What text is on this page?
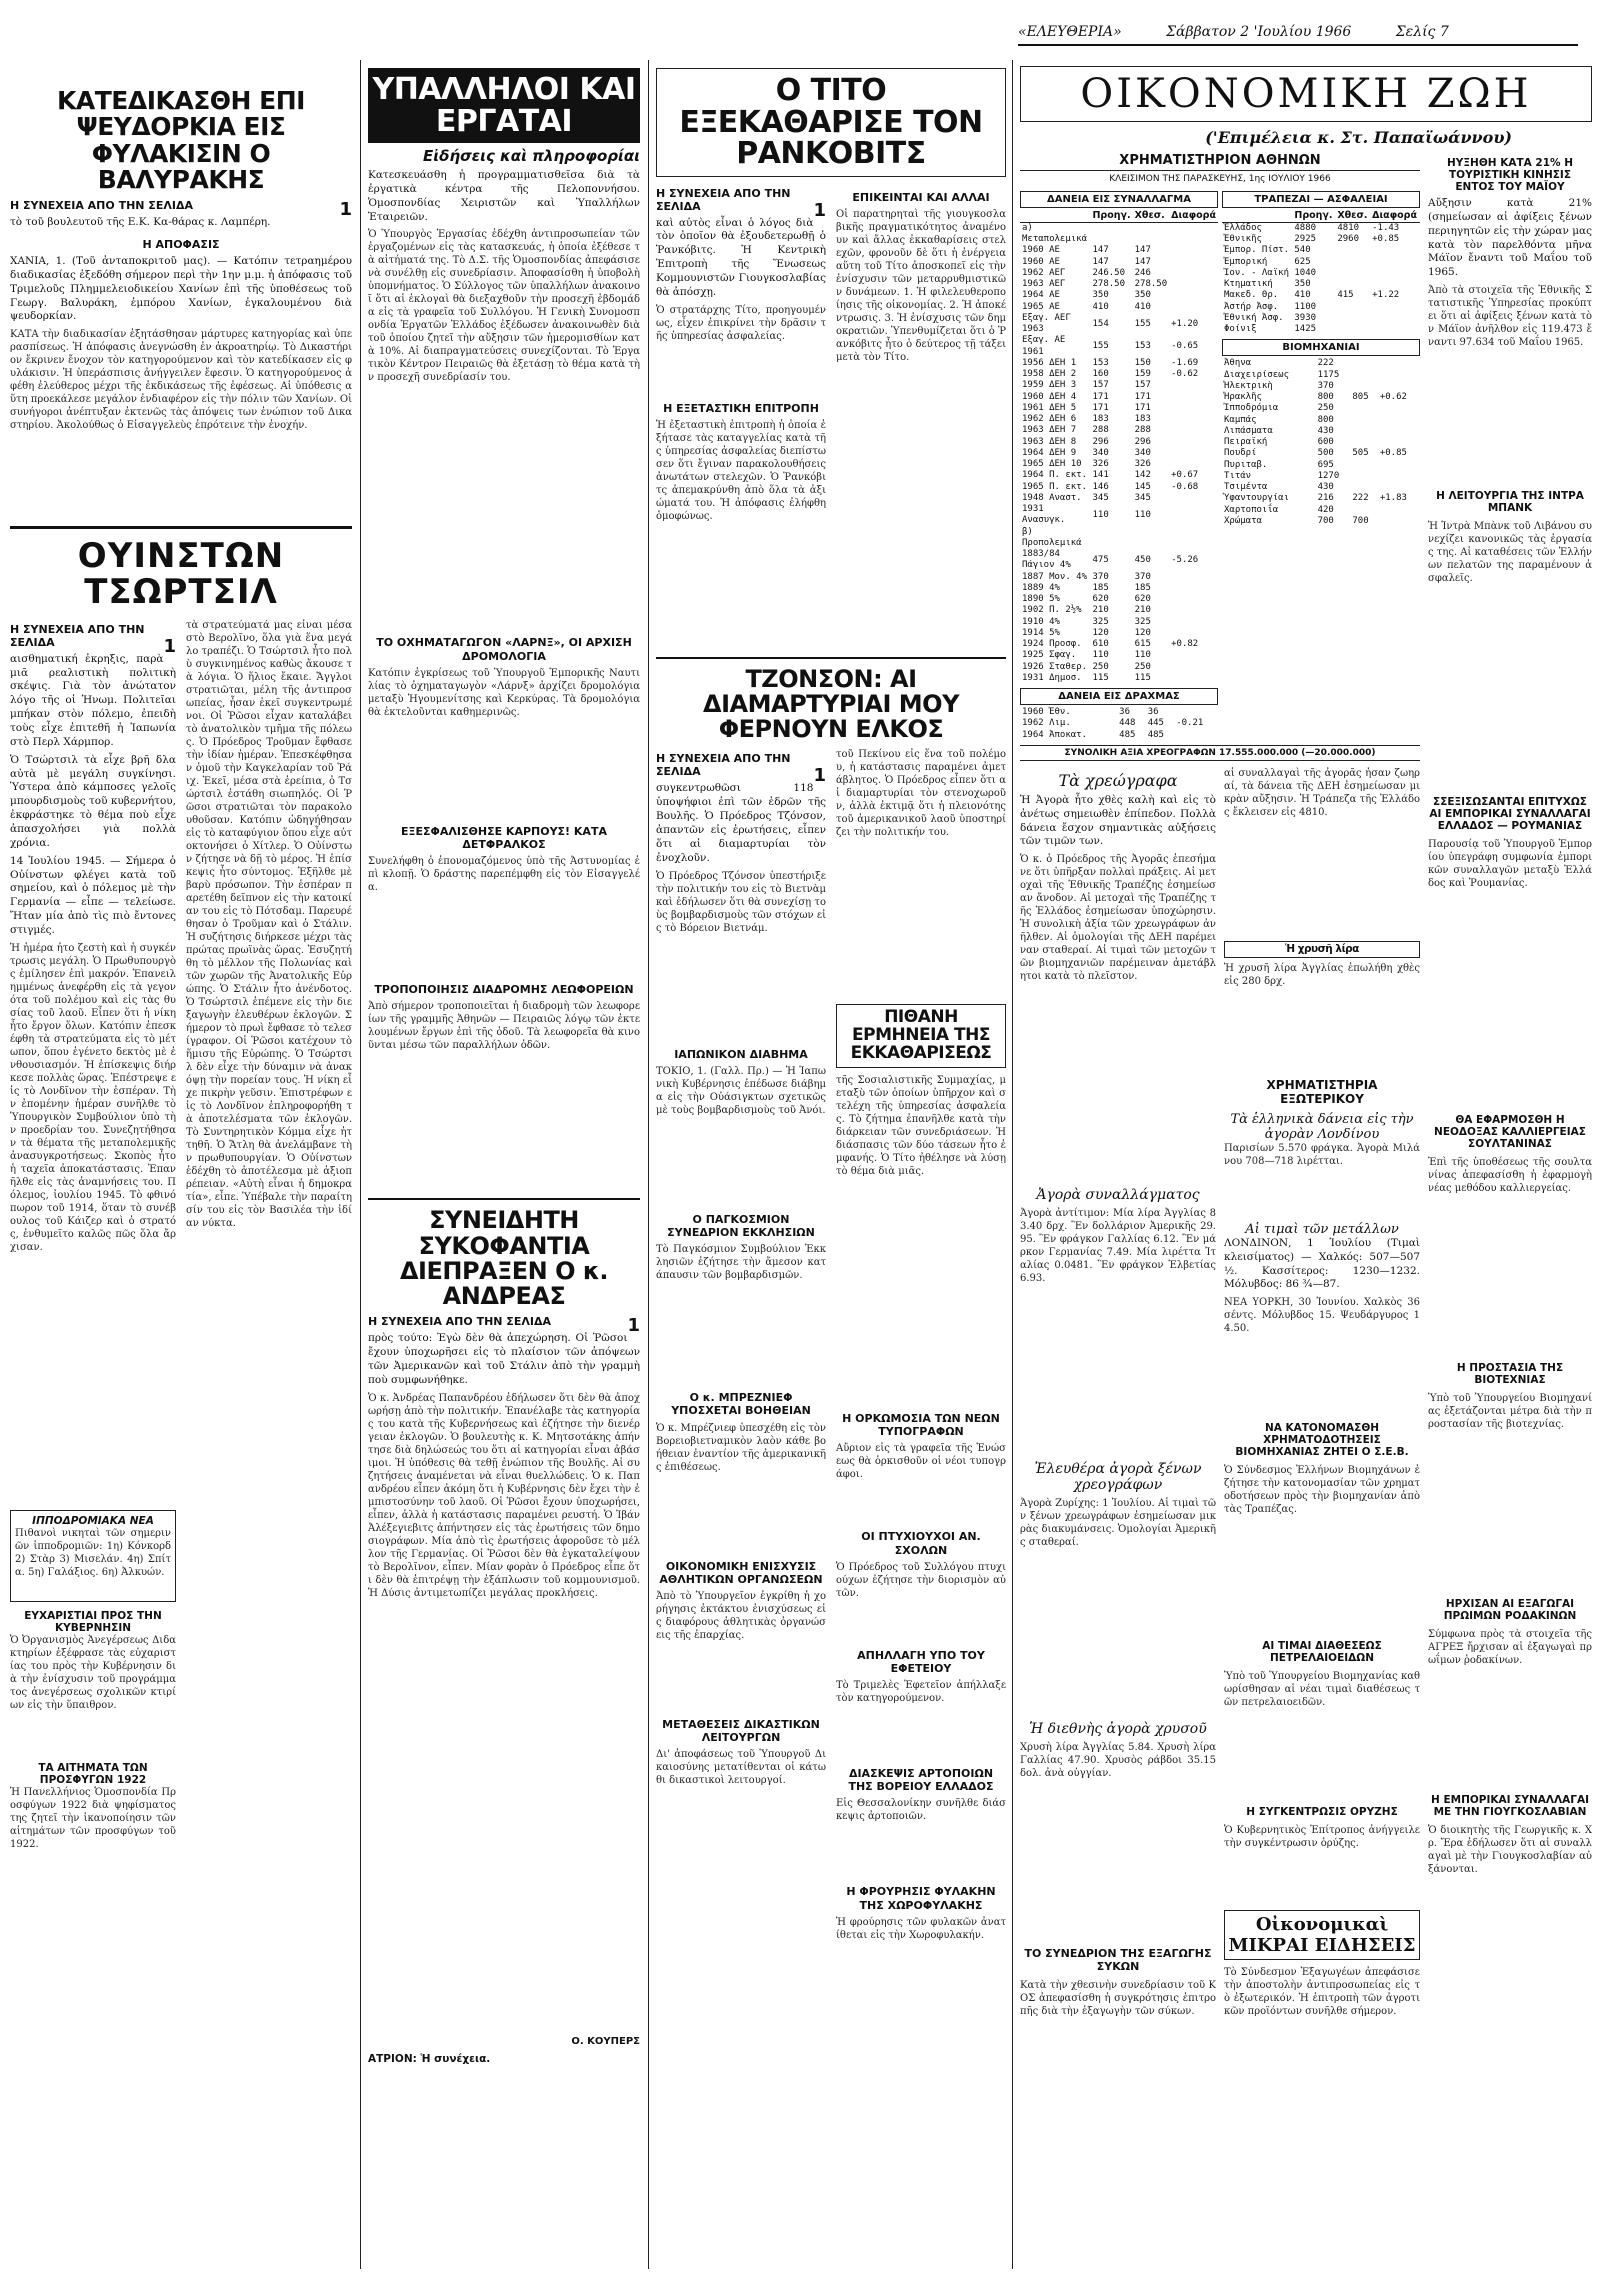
«ΕΛΕΥΘΕΡΙΑ»	Σάββατον 2 'Ιουλίου 1966	Σελίς 7
ΚΑΤΕΔΙΚΑΣΘΗ ΕΠΙ ΨΕΥΔΟΡΚΙΑ ΕΙΣ ΦΥΛΑΚΙΣΙΝ Ο ΒΑΛΥΡΑΚΗΣ
Η ΣΥΝΕΧΕΙΑ ΑΠΟ ΤΗΝ ΣΕΛΙΔΑ	1

τὸ τοῦ βουλευτοῦ τῆς Ε.Κ. Κα-θάρας κ. Λαμπέρη.

Η ΑΠΟΦΑΣΙΣ

ΧΑΝΙΑ, 1. (Τοῦ ἀνταποκριτοῦ μας). — Κατόπιν τετραημέρου διαδικασίας ἐξεδόθη σήμερον περὶ τὴν 1ην μ.μ. ἡ ἀπόφασις τοῦ Τριμελοῦς Πλημμελειοδικείου Χανίων ἐπὶ τῆς ὑποθέσεως τοῦ Γεωργ. Βαλυράκη, ἐμπόρου Χανίων, ἐγκαλουμένου διὰ ψευδορκίαν.

ΚΑΤΑ τὴν διαδικασίαν ἐξητάσθησαν μάρτυρες κατηγορίας καὶ ὑπερασπίσεως. Ἡ ἀπόφασις ἀνεγνώσθη ἐν ἀκροατηρίῳ. Τὸ Δικαστήριον ἔκρινεν ἔνοχον τὸν κατηγορούμενον καὶ τὸν κατεδίκασεν εἰς φυλάκισιν. Ἡ ὑπεράσπισις ἀνήγγειλεν ἔφεσιν. Ὁ κατηγορούμενος ἀφέθη ἐλεύθερος μέχρι τῆς ἐκδικάσεως τῆς ἐφέσεως. Αἱ ὑπόθεσις αὕτη προεκάλεσε μεγάλον ἐνδιαφέρον εἰς τὴν πόλιν τῶν Χανίων. Οἱ συνήγοροι ἀνέπτυξαν ἐκτενῶς τὰς ἀπόψεις των ἐνώπιον τοῦ Δικαστηρίου. Ἀκολούθως ὁ Εἰσαγγελεὺς ἐπρότεινε τὴν ἐνοχήν.
ΟΥΙΝΣΤΩΝ ΤΣΩΡΤΣΙΛ
Η ΣΥΝΕΧΕΙΑ ΑΠΟ ΤΗΝ ΣΕΛΙΔΑ	1

αισθηματική ἐκρηξις, παρὰ μιᾶ ρεαλιστικὴ πολιτικὴ σκέψις. Γιὰ τὸν ἀνώτατον λόγο τῆς οἱ Ἡνωμ. Πολιτεῖαι μπήκαν στὸν πόλεμο, ἐπειδὴ τοὺς εἶχε ἐπιτεθῆ ἡ Ἰαπωνία στὸ Περλ Χάρμπορ.

Ὁ Τσώρτσιλ τὰ εἶχε βρῆ δλα αὐτὰ μὲ μεγάλη συγκίνησι. Ὑστερα ἀπὸ κάμποσες γελοῖς μπουρδισμοὺς τοῦ κυβερνήτου, ἐκφράστηκε τὸ θέμα ποὺ εἶχε ἀπασχολήσει γιὰ πολλὰ χρόνια.

14 Ἰουλίου 1945. — Σήμερα ὁ Οὐίνστων φλέγει κατὰ τοῦ σημείου, καὶ ὁ πόλεμος μὲ τὴν Γερμανία — εἶπε — τελείωσε. Ἤταν μία ἀπὸ τὶς πιὸ ἔντονες στιγμές.

Ἡ ἡμέρα ἦτο ζεστὴ καὶ ἡ συγκέντρωσις μεγάλη. Ὁ Πρωθυπουργὸς ἐμίλησεν ἐπὶ μακρόν. Ἐπανειλημμένως ἀνεφέρθη εἰς τὰ γεγονότα τοῦ πολέμου καὶ εἰς τὰς θυσίας τοῦ λαοῦ. Εἶπεν ὅτι ἡ νίκη ἦτο ἔργον ὅλων. Κατόπιν ἐπεσκέφθη τὰ στρατεύματα εἰς τὸ μέτωπον, ὅπου ἐγένετο δεκτὸς μὲ ἐνθουσιασμόν. Ἡ ἐπίσκεψις διήρκεσε πολλὰς ὥρας. Ἐπέστρεψε εἰς τὸ Λονδῖνον τὴν ἑσπέραν. Τὴν ἑπομένην ἡμέραν συνῆλθε τὸ Ὑπουργικὸν Συμβούλιον ὑπὸ τὴν προεδρίαν του. Συνεζητήθησαν τὰ θέματα τῆς μεταπολεμικῆς ἀνασυγκροτήσεως. Σκοπὸς ἦτο ἡ ταχεῖα ἀποκατάστασις. Ἐπανῆλθε εἰς τὰς ἀναμνήσεις του. Πόλεμος, ἰουλίου 1945. Τὸ φθινόπωρον τοῦ 1914, ὅταν τὸ συνέβουλος τοῦ Κάιζερ καὶ ὁ στρατός, ἐνθυμεῖτο καλῶς πῶς ὅλα ἄρχισαν.
ΙΠΠΟΔΡΟΜΙΑΚΑ ΝΕΑ
Πιθανοὶ νικηταὶ τῶν σημερινῶν ἱπποδρομιῶν: 1η) Κόνκορδ 2) Στὰρ 3) Μισελάν. 4η) Σπίτα. 5η) Γαλάξιος. 6η) Ἀλκυών.
ΕΥΧΑΡΙΣΤΙΑΙ ΠΡΟΣ ΤΗΝ ΚΥΒΕΡΝΗΣΙΝ
Ὁ Ὀργανισμὸς Ἀνεγέρσεως Διδακτηρίων ἐξέφρασε τὰς εὐχαριστίας του πρὸς τὴν Κυβέρνησιν διὰ τὴν ἐνίσχυσιν τοῦ προγράμματος ἀνεγέρσεως σχολικῶν κτιρίων εἰς τὴν ὕπαιθρον.
ΤΑ ΑΙΤΗΜΑΤΑ ΤΩΝ ΠΡΟΣΦΥΓΩΝ 1922
Ἡ Πανελλήνιος Ὁμοσπονδία Προσφύγων 1922 διὰ ψηφίσματος της ζητεῖ τὴν ἱκανοποίησιν τῶν αἰτημάτων τῶν προσφύγων τοῦ 1922.
τὰ στρατεύματά μας εἶναι μέσα στὸ Βερολῖνο, ὅλα γιὰ ἕνα μεγάλο τραπέζι. Ὁ Τσώρτσιλ ἦτο πολὺ συγκινημένος καθὼς ἄκουσε τὰ λόγια. Ὁ ἥλιος ἔκαιε. Ἄγγλοι στρατιῶται, μέλη τῆς ἀντιπροσωπείας, ἦσαν ἐκεῖ συγκεντρωμένοι. Οἱ Ῥῶσοι εἶχαν καταλάβει τὸ ἀνατολικὸν τμῆμα τῆς πόλεως. Ὁ Πρόεδρος Τροῦμαν ἔφθασε τὴν ἰδίαν ἡμέραν. Ἐπεσκέφθησαν ὁμοῦ τὴν Καγκελαρίαν τοῦ Ῥάιχ. Ἐκεῖ, μέσα στὰ ἐρείπια, ὁ Τσώρτσιλ ἐστάθη σιωπηλός. Οἱ Ῥῶσοι στρατιῶται τὸν παρακολουθοῦσαν. Κατόπιν ὠδηγήθησαν εἰς τὸ καταφύγιον ὅπου εἶχε αὐτοκτονήσει ὁ Χίτλερ. Ὁ Οὐίνστων ζήτησε νὰ δῇ τὸ μέρος. Ἡ ἐπίσκεψις ἦτο σύντομος. Ἐξῆλθε μὲ βαρὺ πρόσωπον. Τὴν ἑσπέραν παρετέθη δεῖπνον εἰς τὴν κατοικίαν του εἰς τὸ Πότσδαμ. Παρευρέθησαν ὁ Τροῦμαν καὶ ὁ Στάλιν. Ἡ συζήτησις διήρκεσε μέχρι τὰς πρώτας πρωϊνὰς ὥρας. Ἐσυζητήθη τὸ μέλλον τῆς Πολωνίας καὶ τῶν χωρῶν τῆς Ἀνατολικῆς Εὐρώπης. Ὁ Στάλιν ἦτο ἀνένδοτος. Ὁ Τσώρτσιλ ἐπέμενε εἰς τὴν διεξαγωγὴν ἐλευθέρων ἐκλογῶν. Σήμερον τὸ πρωὶ ἔφθασε τὸ τελεσίγραφον. Οἱ Ῥῶσοι κατέχουν τὸ ἥμισυ τῆς Εὐρώπης. Ὁ Τσώρτσιλ δὲν εἶχε τὴν δύναμιν νὰ ἀνακόψῃ τὴν πορείαν τους. Ἡ νίκη εἶχε πικρὴν γεῦσιν. Ἐπιστρέφων εἰς τὸ Λονδῖνον ἐπληροφορήθη τὰ ἀποτελέσματα τῶν ἐκλογῶν. Τὸ Συντηρητικὸν Κόμμα εἶχε ἡττηθῆ. Ὁ Ἄτλη θὰ ἀνελάμβανε τὴν πρωθυπουργίαν. Ὁ Οὐίνστων ἐδέχθη τὸ ἀποτέλεσμα μὲ ἀξιοπρέπειαν. «Αὐτὴ εἶναι ἡ δημοκρατία», εἶπε. Ὑπέβαλε τὴν παραίτησίν του εἰς τὸν Βασιλέα τὴν ἰδίαν νύκτα.
ΥΠΑΛΛΗΛΟΙ ΚΑΙ ΕΡΓΑΤΑΙ
Εἰδήσεις καὶ πληροφορίαι

Κατεσκευάσθη ἡ προγραμματισθεῖσα διὰ τὰ ἐργατικὰ κέντρα τῆς Πελοποννήσου. Ὁμοσπονδίας Χειριστῶν καὶ Ὑπαλλήλων Ἑταιρειῶν.

Ὁ Ὑπουργὸς Ἐργασίας ἐδέχθη ἀντιπροσωπείαν τῶν ἐργαζομένων εἰς τὰς κατασκευάς, ἡ ὁποία ἐξέθεσε τὰ αἰτήματά της. Τὸ Δ.Σ. τῆς Ὁμοσπονδίας ἀπεφάσισε νὰ συνέλθῃ εἰς συνεδρίασιν. Ἀποφασίσθη ἡ ὑποβολὴ ὑπομνήματος. Ὁ Σύλλογος τῶν ὑπαλλήλων ἀνακοινοῖ ὅτι αἱ ἐκλογαὶ θὰ διεξαχθοῦν τὴν προσεχῆ ἑβδομάδα εἰς τὰ γραφεῖα τοῦ Συλλόγου. Ἡ Γενικὴ Συνομοσπονδία Ἐργατῶν Ἑλλάδος ἐξέδωσεν ἀνακοινωθὲν διὰ τοῦ ὁποίου ζητεῖ τὴν αὔξησιν τῶν ἡμερομισθίων κατὰ 10%. Αἱ διαπραγματεύσεις συνεχίζονται. Τὸ Ἐργατικὸν Κέντρον Πειραιῶς θὰ ἐξετάσῃ τὸ θέμα κατὰ τὴν προσεχῆ συνεδρίασίν του.
ΤΟ ΟΧΗΜΑΤΑΓΩΓΟΝ «ΛΑΡΝΞ», ΟΙ ΑΡΧΙΣΗ ΔΡΟΜΟΛΟΓΙΑ
Κατόπιν ἐγκρίσεως τοῦ Ὑπουργοῦ Ἐμπορικῆς Ναυτιλίας τὸ ὀχηματαγωγὸν «Λάρνξ» ἀρχίζει δρομολόγια μεταξὺ Ἠγουμενίτσης καὶ Κερκύρας. Τὰ δρομολόγια θὰ ἐκτελοῦνται καθημερινῶς.
ΕΞΕΣΦΑΛΙΣΘΗΣΕ ΚΑΡΠΟΥΣ! ΚΑΤΑ ΔΕΤΦΡΑΛΚΟΣ
Συνελήφθη ὁ ἐπονομαζόμενος ὑπὸ τῆς Ἀστυνομίας ἐπὶ κλοπῇ. Ὁ δράστης παρεπέμφθη εἰς τὸν Εἰσαγγελέα.
ΤΡΟΠΟΠΟΙΗΣΙΣ ΔΙΑΔΡΟΜΗΣ ΛΕΩΦΟΡΕΙΩΝ
Ἀπὸ σήμερον τροποποιεῖται ἡ διαδρομὴ τῶν λεωφορείων τῆς γραμμῆς Ἀθηνῶν — Πειραιῶς λόγῳ τῶν ἐκτελουμένων ἔργων ἐπὶ τῆς ὁδοῦ. Τὰ λεωφορεῖα θὰ κινοῦνται μέσω τῶν παραλλήλων ὁδῶν.
ΣΥΝΕΙΔΗΤΗ ΣΥΚΟΦΑΝΤΙΑ ΔΙΕΠΡΑΞΕΝ Ο κ. ΑΝΔΡΕΑΣ
Η ΣΥΝΕΧΕΙΑ ΑΠΟ ΤΗΝ ΣΕΛΙΔΑ	1

πρὸς τούτο: Ἐγὼ δὲν θὰ ἀπεχώρηση. Οἱ Ῥῶσοι ἔχουν ὑποχωρῆσει εἰς τὸ πλαίσιον τῶν ἀπόψεων τῶν Ἀμερικανῶν καὶ τοῦ Στάλιν ἀπὸ τὴν γραμμὴ ποὺ συμφωνήθηκε.

Ὁ κ. Ἀνδρέας Παπανδρέου ἐδήλωσεν ὅτι δὲν θὰ ἀποχωρήσῃ ἀπὸ τὴν πολιτικήν. Ἐπανέλαβε τὰς κατηγορίας του κατὰ τῆς Κυβερνήσεως καὶ ἐζήτησε τὴν διενέργειαν ἐκλογῶν. Ὁ βουλευτὴς κ. Κ. Μητσοτάκης ἀπήντησε διὰ δηλώσεώς του ὅτι αἱ κατηγορίαι εἶναι ἀβάσιμοι. Ἡ ὑπόθεσις θὰ τεθῇ ἐνώπιον τῆς Βουλῆς. Αἱ συζητήσεις ἀναμένεται νὰ εἶναι θυελλώδεις. Ὁ κ. Παπανδρέου εἶπεν ἀκόμη ὅτι ἡ Κυβέρνησις δὲν ἔχει τὴν ἐμπιστοσύνην τοῦ λαοῦ. Οἱ Ῥῶσοι ἔχουν ὑποχωρήσει, εἶπεν, ἀλλὰ ἡ κατάστασις παραμένει ρευστή. Ὁ Ἰβάν Ἀλέξεγιεβιτς ἀπήντησεν εἰς τὰς ἐρωτήσεις τῶν δημοσιογράφων. Μία ἀπὸ τὶς ἐρωτήσεις ἀφοροῦσε τὸ μέλλον τῆς Γερμανίας. Οἱ Ῥῶσοι δὲν θὰ ἐγκαταλείψουν τὸ Βερολῖνον, εἶπεν. Μίαν φορὰν ὁ Πρόεδρος εἶπε ὅτι δὲν θὰ ἐπιτρέψῃ τὴν ἐξάπλωσιν τοῦ κομμουνισμοῦ. Ἡ Δύσις ἀντιμετωπίζει μεγάλας προκλήσεις.
Ο. ΚΟΥΠΕΡΣ
ΑΤΡΙΟΝ: Ἡ συνέχεια.
Ο ΤΙΤΟ ΕΞΕΚΑΘΑΡΙΣΕ ΤΟΝ ΡΑΝΚΟΒΙΤΣ
Η ΣΥΝΕΧΕΙΑ ΑΠΟ ΤΗΝ ΣΕΛΙΔΑ	1

καὶ αὐτὸς εἶναι ὁ λόγος διὰ τὸν ὁποῖον θὰ ἐξουδετερωθῇ ὁ Ῥανκόβιτς. Ἡ Κεντρικὴ Ἐπιτροπὴ τῆς Ἕνωσεως Κομμουνιστῶν Γιουγκοσλαβίας θὰ ἀπόσχῃ.

Ὁ στρατάρχης Τίτο, προηγουμένως, εἶχεν ἐπικρίνει τὴν δρᾶσιν τῆς ὑπηρεσίας ἀσφαλείας.
Η ΕΞΕΤΑΣΤΙΚΗ ΕΠΙΤΡΟΠΗ
Ἡ ἐξεταστικὴ ἐπιτροπὴ ἡ ὁποία ἐξήτασε τὰς καταγγελίας κατὰ τῆς ὑπηρεσίας ἀσφαλείας διεπίστωσεν ὅτι ἔγιναν παρακολουθήσεις ἀνωτάτων στελεχῶν. Ὁ Ῥανκόβιτς ἀπεμακρύνθη ἀπὸ ὅλα τὰ ἀξιώματά του. Ἡ ἀπόφασις ἐλήφθη ὁμοφώνως.
ΕΠΙΚΕΙΝΤΑΙ ΚΑΙ ΑΛΛΑΙ
Οἱ παρατηρηταὶ τῆς γιουγκοσλαβικῆς πραγματικότητος ἀναμένουν καὶ ἄλλας ἐκκαθαρίσεις στελεχῶν, φρονοῦν δὲ ὅτι ἡ ἐνέργεια αὕτη τοῦ Τίτο ἀποσκοπεῖ εἰς τὴν ἐνίσχυσιν τῶν μεταρρυθμιστικῶν δυνάμεων. 1. Ἡ φιλελευθεροποίησις τῆς οἰκονομίας. 2. Ἡ ἀποκέντρωσις. 3. Ἡ ἐνίσχυσις τῶν δημοκρατιῶν. Ὑπενθυμίζεται ὅτι ὁ Ῥανκόβιτς ἦτο ὁ δεύτερος τῇ τάξει μετὰ τὸν Τίτο.
ΤΖΟΝΣΟΝ: ΑΙ ΔΙΑΜΑΡΤΥΡΙΑΙ ΜΟΥ ΦΕΡΝΟΥΝ ΕΛΚΟΣ
Η ΣΥΝΕΧΕΙΑ ΑΠΟ ΤΗΝ ΣΕΛΙΔΑ	1

συγκεντρωθῶσι 118 ὑποψήφιοι ἐπὶ τῶν ἑδρῶν τῆς Βουλῆς. Ὁ Πρόεδρος Τζόνσον, ἀπαντῶν εἰς ἐρωτήσεις, εἶπεν ὅτι αἱ διαμαρτυρίαι τὸν ἐνοχλοῦν.

Ὁ Πρόεδρος Τζόνσον ὑπεστήριξε τὴν πολιτικήν του εἰς τὸ Βιετνὰμ καὶ ἐδήλωσεν ὅτι θὰ συνεχίσῃ τοὺς βομβαρδισμοὺς τῶν στόχων εἰς τὸ Βόρειον Βιετνάμ.
ΙΑΠΩΝΙΚΟΝ ΔΙΑΒΗΜΑ
ΤΟΚΙΟ, 1. (Γαλλ. Πρ.) — Ἡ Ἰαπωνικὴ Κυβέρνησις ἐπέδωσε διάβημα εἰς τὴν Οὐάσιγκτων σχετικῶς μὲ τοὺς βομβαρδισμοὺς τοῦ Ἀνόι.
Ο ΠΑΓΚΟΣΜΙΟΝ ΣΥΝΕΔΡΙΟΝ ΕΚΚΛΗΣΙΩΝ
Τὸ Παγκόσμιον Συμβούλιον Ἐκκλησιῶν ἐζήτησε τὴν ἄμεσον κατάπαυσιν τῶν βομβαρδισμῶν.
Ο κ. ΜΠΡΕΖΝΙΕΦ ΥΠΟΣΧΕΤΑΙ ΒΟΗΘΕΙΑΝ
Ὁ κ. Μπρέζνιεφ ὑπεσχέθη εἰς τὸν Βορειοβιετναμικὸν λαὸν κάθε βοήθειαν ἐναντίον τῆς ἀμερικανικῆς ἐπιθέσεως.
ΟΙΚΟΝΟΜΙΚΗ ΕΝΙΣΧΥΣΙΣ ΑΘΛΗΤΙΚΩΝ ΟΡΓΑΝΩΣΕΩΝ
Ἀπὸ τὸ Ὑπουργεῖον ἐγκρίθη ἡ χορήγησις ἐκτάκτου ἐνισχύσεως εἰς διαφόρους ἀθλητικὰς ὀργανώσεις τῆς ἐπαρχίας.
ΜΕΤΑΘΕΣΕΙΣ ΔΙΚΑΣΤΙΚΩΝ ΛΕΙΤΟΥΡΓΩΝ
Δι' ἀποφάσεως τοῦ Ὑπουργοῦ Δικαιοσύνης μετατίθενται οἱ κάτωθι δικαστικοὶ λειτουργοί.
τοῦ Πεκίνου εἰς ἕνα τοῦ πολέμου, ἡ κατάστασις παραμένει ἀμετάβλητος. Ὁ Πρόεδρος εἶπεν ὅτι αἱ διαμαρτυρίαι τὸν στενοχωροῦν, ἀλλὰ ἐκτιμᾷ ὅτι ἡ πλειονότης τοῦ ἀμερικανικοῦ λαοῦ ὑποστηρίζει τὴν πολιτικήν του.
ΠΙΘΑΝΗ ΕΡΜΗΝΕΙΑ ΤΗΣ ΕΚΚΑΘΑΡΙΣΕΩΣ
τῆς Σοσιαλιστικῆς Συμμαχίας, μεταξὺ τῶν ὁποίων ὑπῆρχον καὶ στελέχη τῆς ὑπηρεσίας ἀσφαλείας. Τὸ ζήτημα ἐπανῆλθε κατὰ τὴν διάρκειαν τῶν συνεδριάσεων. Ἡ διάσπασις τῶν δύο τάσεων ἦτο ἐμφανής. Ὁ Τίτο ἠθέλησε νὰ λύσῃ τὸ θέμα διὰ μιᾶς.
Η ΟΡΚΩΜΟΣΙΑ ΤΩΝ ΝΕΩΝ ΤΥΠΟΓΡΑΦΩΝ
Αὔριον εἰς τὰ γραφεῖα τῆς Ἑνώσεως θὰ ὁρκισθοῦν οἱ νέοι τυπογράφοι.
ΟΙ ΠΤΥΧΙΟΥΧΟΙ ΑΝ. ΣΧΟΛΩΝ
Ὁ Πρόεδρος τοῦ Συλλόγου πτυχιούχων ἐζήτησε τὴν διορισμὸν αὐτῶν.
ΑΠΗΛΛΑΓΗ ΥΠΟ ΤΟΥ ΕΦΕΤΕΙΟΥ
Τὸ Τριμελὲς Ἐφετεῖον ἀπήλλαξε τὸν κατηγορούμενον.
ΔΙΑΣΚΕΨΙΣ ΑΡΤΟΠΟΙΩΝ ΤΗΣ ΒΟΡΕΙΟΥ ΕΛΛΑΔΟΣ
Εἰς Θεσσαλονίκην συνῆλθε διάσκεψις ἀρτοποιῶν.
Η ΦΡΟΥΡΗΣΙΣ ΦΥΛΑΚΗΝ ΤΗΣ ΧΩΡΟΦΥΛΑΚΗΣ
Ἡ φρούρησις τῶν φυλακῶν ἀνατίθεται εἰς τὴν Χωροφυλακήν.
ΟΙΚΟΝΟΜΙΚΗ ΖΩΗ
('Επιμέλεια κ. Στ. Παπαϊωάννου)
ΧΡΗΜΑΤΙΣΤΗΡΙΟΝ ΑΘΗΝΩΝ
ΚΛΕΙΣΙΜΟΝ ΤΗΣ ΠΑΡΑΣΚΕΥΗΣ, 1ης ΙΟΥΛΙΟΥ 1966
ΔΑΝΕΙΑ ΕΙΣ ΣΥΝΑΛΛΑΓΜΑ
	Προηγ.	Χθεσ.	Διαφορά
a) Μεταπολεμικά			
1960 ΑΕ	147	147	
1960 ΑΕ	147	147	
1962 ΑΕΓ	246.50	246	
1963 ΑΕΓ	278.50	278.50	
1964 ΑΕ	350	350	
1965 ΑΕ	410	410	
Εξαγ. ΑΕΓ 1963	154	155	+1.20
Εξαγ. ΑΕ 1961	155	153	-0.65
1956 ΔΕΗ 1	153	150	-1.69
1958 ΔΕΗ 2	160	159	-0.62
1959 ΔΕΗ 3	157	157	
1960 ΔΕΗ 4	171	171	
1961 ΔΕΗ 5	171	171	
1962 ΔΕΗ 6	183	183	
1963 ΔΕΗ 7	288	288	
1963 ΔΕΗ 8	296	296	
1964 ΔΕΗ 9	340	340	
1965 ΔΕΗ 10	326	326	
1964 Π. εκτ.	141	142	+0.67
1965 Π. εκτ.	146	145	-0.68
1948 Αναστ.	345	345	
1931 Ανασυγκ.	110	110	
β) Προπολεμικά			
1883/84 Πάγιον 4%	475	450	-5.26
1887 Μον. 4%	370	370	
1889 4%	185	185	
1890 5%	620	620	
1902 Π. 2½%	210	210	
1910 4%	325	325	
1914 5%	120	120	
1924 Προσφ.	610	615	+0.82
1925 Σφαγ.	110	110	
1926 Σταθερ.	250	250	
1931 Δημοσ.	115	115	
ΔΑΝΕΙΑ ΕΙΣ ΔΡΑΧΜΑΣ
1960 Ἐθν.	36	36	
1962 Λιμ.	448	445	-0.21
1964 Ἀποκατ.	485	485	
ΤΡΑΠΕΖΑΙ — ΑΣΦΑΛΕΙΑΙ
	Προηγ.	Χθεσ.	Διαφορά
Ἑλλάδος	4880	4810	-1.43
Ἐθνικῆς	2925	2960	+0.85
Ἐμπορ. Πίστ.	540		
Ἐμπορική	625		
Ἰον. - Λαϊκή	1040		
Κτηματική	350		
Μακεδ. Θρ.	410	415	+1.22
Ἀστήρ Ἀσφ.	1100		
Ἐθνική Ἀσφ.	3930		
Φοίνιξ	1425		
ΒΙΟΜΗΧΑΝΙΑΙ
Ἀθηνα	222		
Διαχειρίσεως	1175		
Ἠλεκτρικὴ	370		
Ἠρακλῆς	800	805	+0.62
Ἰπποδρόμια	250		
Καμπάς	800		
Λιπάσματα	430		
Πειραϊκή	600		
Πουδρί	500	505	+0.85
Πυριταβ.	695		
Τιτάν	1270		
Τσιμέντα	430		
Ὑφαντουργίαι	216	222	+1.83
Χαρτοποιΐα	420		
Χρώματα	700	700	
ΣΥΝΟΛΙΚΗ ΑΞΙΑ ΧΡΕΟΓΡΑΦΩΝ 17.555.000.000 (—20.000.000)
Τὰ χρεώγραφα

Ἡ Ἀγορὰ ἦτο χθὲς καλὴ καὶ εἰς τὸ ἀνέτως σημειωθὲν ἐπίπεδον. Πολλὰ δάνεια ἔσχον σημαντικὰς αὐξήσεις τῶν τιμῶν των.

Ὁ κ. ὁ Πρόεδρος τῆς Ἀγορᾶς ἐπεσήμανε ὅτι ὑπῆρξαν πολλαὶ πράξεις. Αἱ μετοχαὶ τῆς Ἐθνικῆς Τραπέζης ἐσημείωσαν ἄνοδον. Αἱ μετοχαὶ τῆς Τραπέζης τῆς Ἑλλάδος ἐσημείωσαν ὑποχώρησιν. Ἡ συνολικὴ ἀξία τῶν χρεωγράφων ἀνῆλθεν. Αἱ ὁμολογίαι τῆς ΔΕΗ παρέμειναν σταθεραί. Αἱ τιμαὶ τῶν μετοχῶν τῶν βιομηχανιῶν παρέμειναν ἀμετάβλητοι κατὰ τὸ πλεῖστον.
Ἀγορὰ συναλλάγματος
Ἀγορὰ ἀντίτιμον: Μία λίρα Ἀγγλίας 83.40 δρχ. Ἓν δολλάριον Ἀμερικῆς 29.95. Ἓν φράγκον Γαλλίας 6.12. Ἓν μάρκον Γερμανίας 7.49. Μία λιρέττα Ἰταλίας 0.0481. Ἓν φράγκον Ἑλβετίας 6.93.
Ἐλευθέρα ἀγορὰ ξένων χρεογράφων
Ἀγορὰ Ζυρίχης: 1 Ἰουλίου. Αἱ τιμαὶ τῶν ξένων χρεωγράφων ἐσημείωσαν μικρὰς διακυμάνσεις. Ὁμολογίαι Ἀμερικῆς σταθεραί.
Ἡ διεθνὴς ἀγορὰ χρυσοῦ
Χρυσὴ λίρα Ἀγγλίας 5.84. Χρυσὴ λίρα Γαλλίας 47.90. Χρυσὸς ράβδοι 35.15 δολ. ἀνὰ οὐγγίαν.
ΤΟ ΣΥΝΕΔΡΙΟΝ ΤΗΣ ΕΞΑΓΩΓΗΣ ΣΥΚΩΝ
Κατὰ τὴν χθεσινὴν συνεδρίασιν τοῦ ΚΟΣ ἀπεφασίσθη ἡ συγκρότησις ἐπιτροπῆς διὰ τὴν ἐξαγωγὴν τῶν σύκων.
αἱ συναλλαγαὶ τῆς ἀγορᾶς ἦσαν ζωηραί, τὰ δάνεια τῆς ΔΕΗ ἐσημείωσαν μικρὰν αὔξησιν. Ἡ Τράπεζα τῆς Ἑλλάδος ἔκλεισεν εἰς 4810.
Ἡ χρυσῆ λίρα
Ἡ χρυσῆ λίρα Ἀγγλίας ἐπωλήθη χθὲς εἰς 280 δρχ.
ΧΡΗΜΑΤΙΣΤΗΡΙΑ ΕΞΩΤΕΡΙΚΟΥ
Τὰ ἑλληνικὰ δάνεια εἰς τὴν ἀγορὰν Λονδίνου
Παρισίων 5.570 φράγκα. Ἀγορὰ Μιλάνου 708—718 λιρέτται.
Αἱ τιμαὶ τῶν μετάλλων

ΛΟΝΔΙΝΟΝ, 1 Ἰουλίου (Τιμαὶ κλεισίματος) — Χαλκός: 507—507 ½. Κασσίτερος: 1230—1232. Μόλυβδος: 86 ¾—87.

ΝΕΑ ΥΟΡΚΗ, 30 Ἰουνίου. Χαλκὸς 36 σέντς. Μόλυβδος 15. Ψευδάργυρος 14.50.
ΝΑ ΚΑΤΟΝΟΜΑΣΘΗ ΧΡΗΜΑΤΟΔΟΤΗΣΕΙΣ ΒΙΟΜΗΧΑΝΙΑΣ ΖΗΤΕΙ Ο Σ.Ε.Β.
Ὁ Σύνδεσμος Ἑλλήνων Βιομηχάνων ἐζήτησε τὴν κατονομασίαν τῶν χρηματοδοτήσεων πρὸς τὴν βιομηχανίαν ἀπὸ τὰς Τραπέζας.
ΑΙ ΤΙΜΑΙ ΔΙΑΘΕΣΕΩΣ ΠΕΤΡΕΛΑΙΟΕΙΔΩΝ
Ὑπὸ τοῦ Ὑπουργείου Βιομηχανίας καθωρίσθησαν αἱ νέαι τιμαὶ διαθέσεως τῶν πετρελαιοειδῶν.
Η ΣΥΓΚΕΝΤΡΩΣΙΣ ΟΡΥΖΗΣ
Ὁ Κυβερνητικὸς Ἐπίτροπος ἀνήγγειλε τὴν συγκέντρωσιν ὀρύζης.
Οἰκονομικαὶ ΜΙΚΡΑΙ ΕΙΔΗΣΕΙΣ
Τὸ Σύνδεσμον Ἐξαγωγέων ἀπεφάσισε τὴν ἀποστολὴν ἀντιπροσωπείας εἰς τὸ ἐξωτερικόν. Ἡ ἐπιτροπὴ τῶν ἀγροτικῶν προϊόντων συνῆλθε σήμερον.
ΗΥΞΗΘΗ ΚΑΤΑ 21% Η ΤΟΥΡΙΣΤΙΚΗ ΚΙΝΗΣΙΣ ΕΝΤΟΣ ΤΟΥ ΜΑΪΟΥ

Αὔξησιν κατὰ 21% (σημείωσαν αἱ ἀφίξεις ξένων περιηγητῶν εἰς τὴν χώραν μας κατὰ τὸν παρελθόντα μῆνα Μάϊον ἔναντι τοῦ Μαΐου τοῦ 1965.

Ἀπὸ τὰ στοιχεῖα τῆς Ἐθνικῆς Στατιστικῆς Ὑπηρεσίας προκύπτει ὅτι αἱ ἀφίξεις ξένων κατὰ τὸν Μάϊον ἀνῆλθον εἰς 119.473 ἔναντι 97.634 τοῦ Μαΐου 1965.
Η ΛΕΙΤΟΥΡΓΙΑ ΤΗΣ ΙΝΤΡΑ ΜΠΑΝΚ
Ἡ Ἰντρὰ Μπὰνκ τοῦ Λιβάνου συνεχίζει κανονικῶς τὰς ἐργασίας της. Αἱ καταθέσεις τῶν Ἑλλήνων πελατῶν της παραμένουν ἀσφαλεῖς.
ΣΣΕΞΙΣΩΣΑΝΤΑΙ ΕΠΙΤΥΧΩΣ ΑΙ ΕΜΠΟΡΙΚΑΙ ΣΥΝΑΛΛΑΓΑΙ ΕΛΛΑΔΟΣ — ΡΟΥΜΑΝΙΑΣ
Παρουσίᾳ τοῦ Ὑπουργοῦ Ἐμπορίου ὑπεγράφη συμφωνία ἐμπορικῶν συναλλαγῶν μεταξὺ Ἑλλάδος καὶ Ῥουμανίας.
ΘΑ ΕΦΑΡΜΟΣΘΗ Η ΝΕΟΔΟΞΑΣ ΚΑΛΛΙΕΡΓΕΙΑΣ ΣΟΥΛΤΑΝΙΝΑΣ
Ἐπὶ τῆς ὑποθέσεως τῆς σουλτανίνας ἀπεφασίσθη ἡ ἐφαρμογὴ νέας μεθόδου καλλιεργείας.
Η ΠΡΟΣΤΑΣΙΑ ΤΗΣ ΒΙΟΤΕΧΝΙΑΣ
Ὑπὸ τοῦ Ὑπουργείου Βιομηχανίας ἐξετάζονται μέτρα διὰ τὴν προστασίαν τῆς βιοτεχνίας.
ΗΡΧΙΣΑΝ ΑΙ ΕΞΑΓΩΓΑΙ ΠΡΩΙΜΩΝ ΡΟΔΑΚΙΝΩΝ
Σύμφωνα πρὸς τὰ στοιχεῖα τῆς ΑΓΡΕΞ ἤρχισαν αἱ ἐξαγωγαὶ πρωΐμων ῥοδακίνων.
Η ΕΜΠΟΡΙΚΑΙ ΣΥΝΑΛΛΑΓΑΙ ΜΕ ΤΗΝ ΓΙΟΥΓΚΟΣΛΑΒΙΑΝ
Ὁ διοικητὴς τῆς Γεωργικῆς κ. Χρ. Ἔρα ἐδήλωσεν ὅτι αἱ συναλλαγαὶ μὲ τὴν Γιουγκοσλαβίαν αὐξάνονται.
